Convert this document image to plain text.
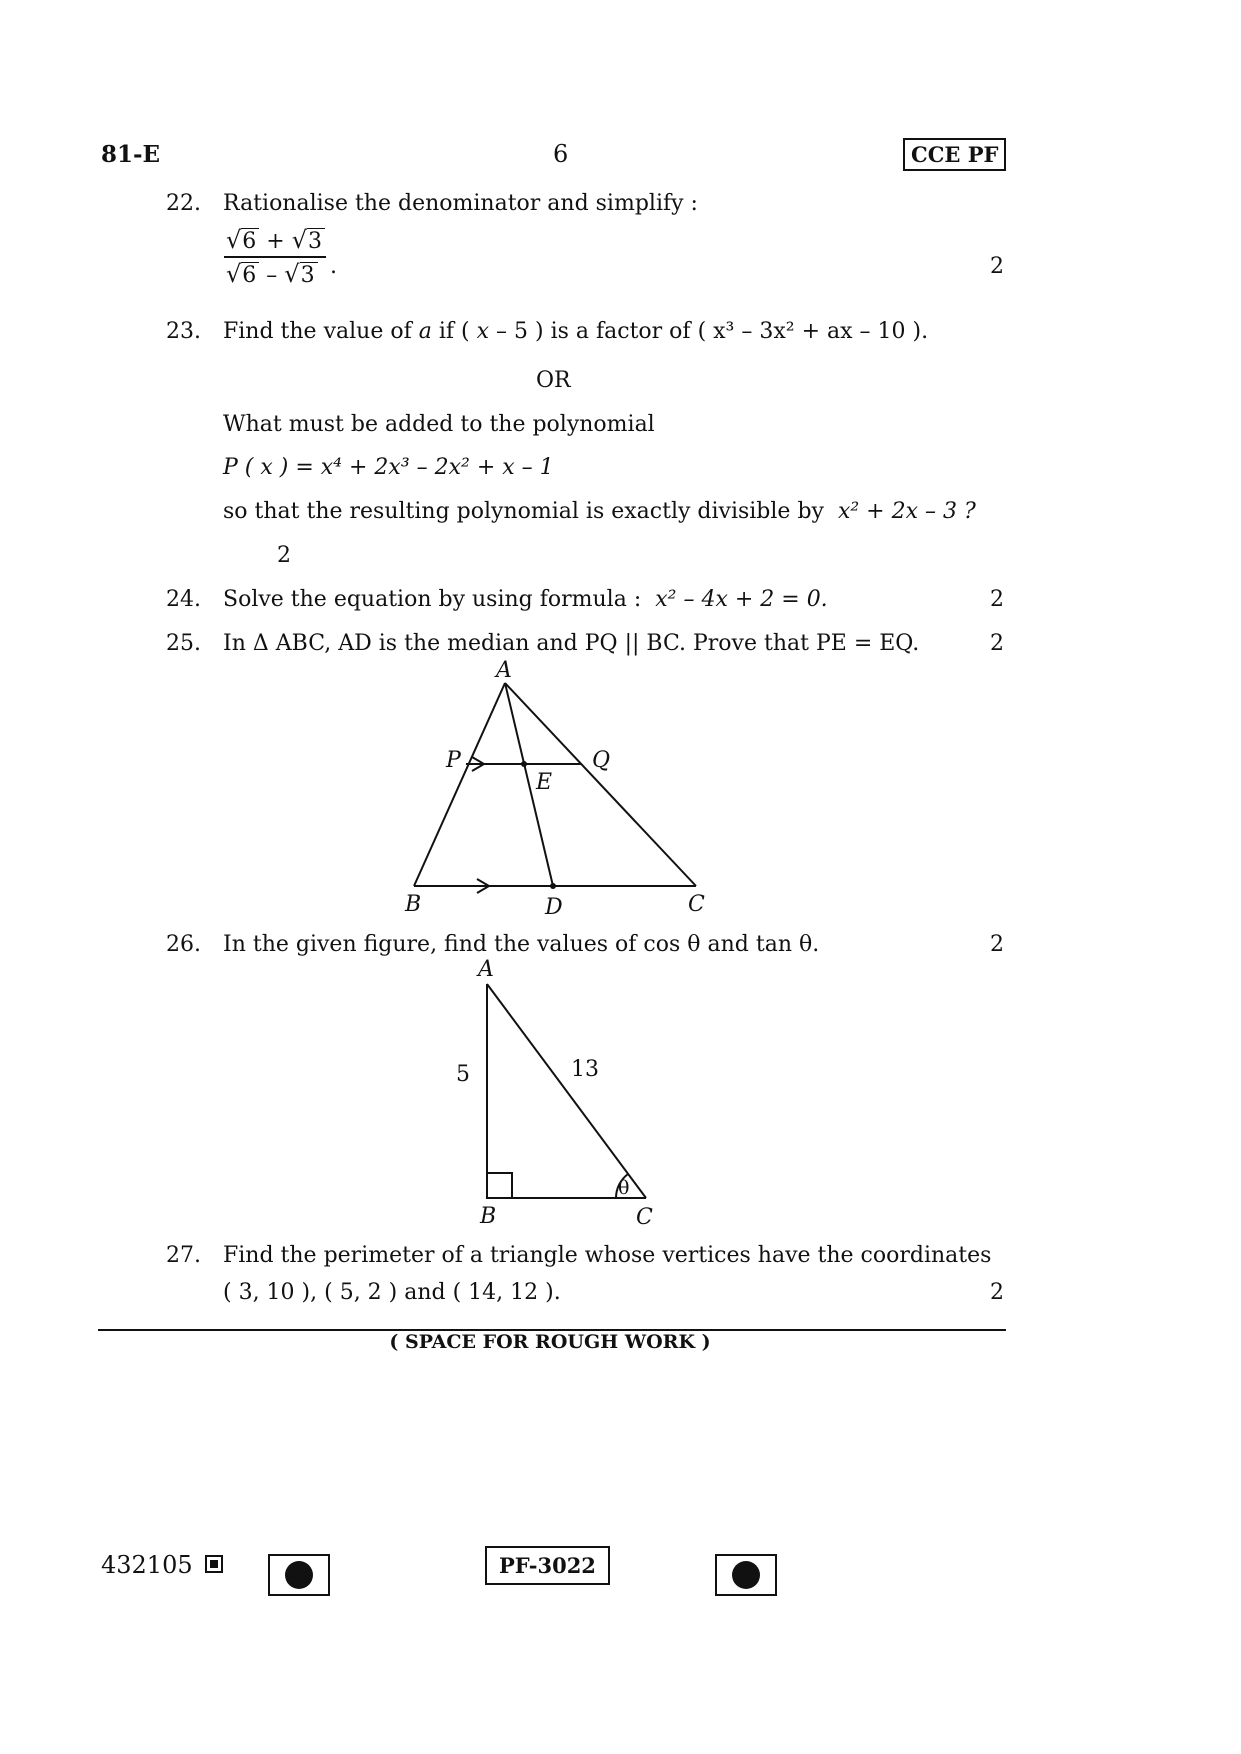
81-E	6	CCE PF
22. Rationalise the denominator and simplify :
√6 + √3
√6 – √3 .	2
23. Find the value of a if ( x – 5 ) is a factor of ( x³ – 3x² + ax – 10 ).
OR
What must be added to the polynomial
P ( x ) = x⁴ + 2x³ – 2x² + x – 1
so that the resulting polynomial is exactly divisible by x² + 2x – 3 ?
2
24. Solve the equation by using formula : x² – 4x + 2 = 0.	2
25. In Δ ABC, AD is the median and PQ || BC. Prove that PE = EQ.	2
A
P	Q
E
B	D	C
A
B	C
5	13
θ
26. In the given figure, find the values of cos θ and tan θ.	2
27. Find the perimeter of a triangle whose vertices have the coordinates
( 3, 10 ), ( 5, 2 ) and ( 14, 12 ).	2
( SPACE FOR ROUGH WORK )
432105	PF-3022
